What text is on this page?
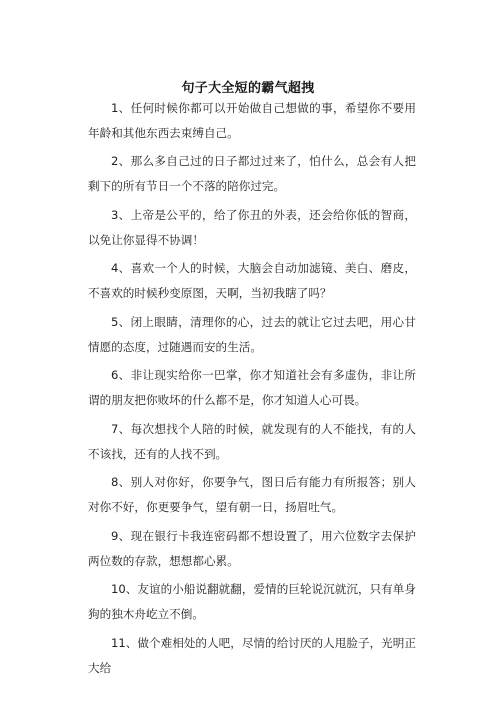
句子大全短的霸气超拽

1、任何时候你都可以开始做自己想做的事，希望你不要用年龄和其他东西去束缚自己。

2、那么多自己过的日子都过过来了，怕什么，总会有人把剩下的所有节日一个不落的陪你过完。

3、上帝是公平的，给了你丑的外表，还会给你低的智商，以免让你显得不协调！

4、喜欢一个人的时候，大脑会自动加滤镜、美白、磨皮，不喜欢的时候秒变原图，天啊，当初我瞎了吗？

5、闭上眼睛，清理你的心，过去的就让它过去吧，用心甘情愿的态度，过随遇而安的生活。

6、非让现实给你一巴掌，你才知道社会有多虚伪，非让所谓的朋友把你败坏的什么都不是，你才知道人心可畏。

7、每次想找个人陪的时候，就发现有的人不能找，有的人不该找，还有的人找不到。

8、别人对你好，你要争气，图日后有能力有所报答；别人对你不好，你更要争气，望有朝一日，扬眉吐气。

9、现在银行卡我连密码都不想设置了，用六位数字去保护两位数的存款，想想都心累。

10、友谊的小船说翻就翻，爱情的巨轮说沉就沉，只有单身狗的独木舟屹立不倒。

11、做个难相处的人吧，尽情的给讨厌的人甩脸子，光明正大给
